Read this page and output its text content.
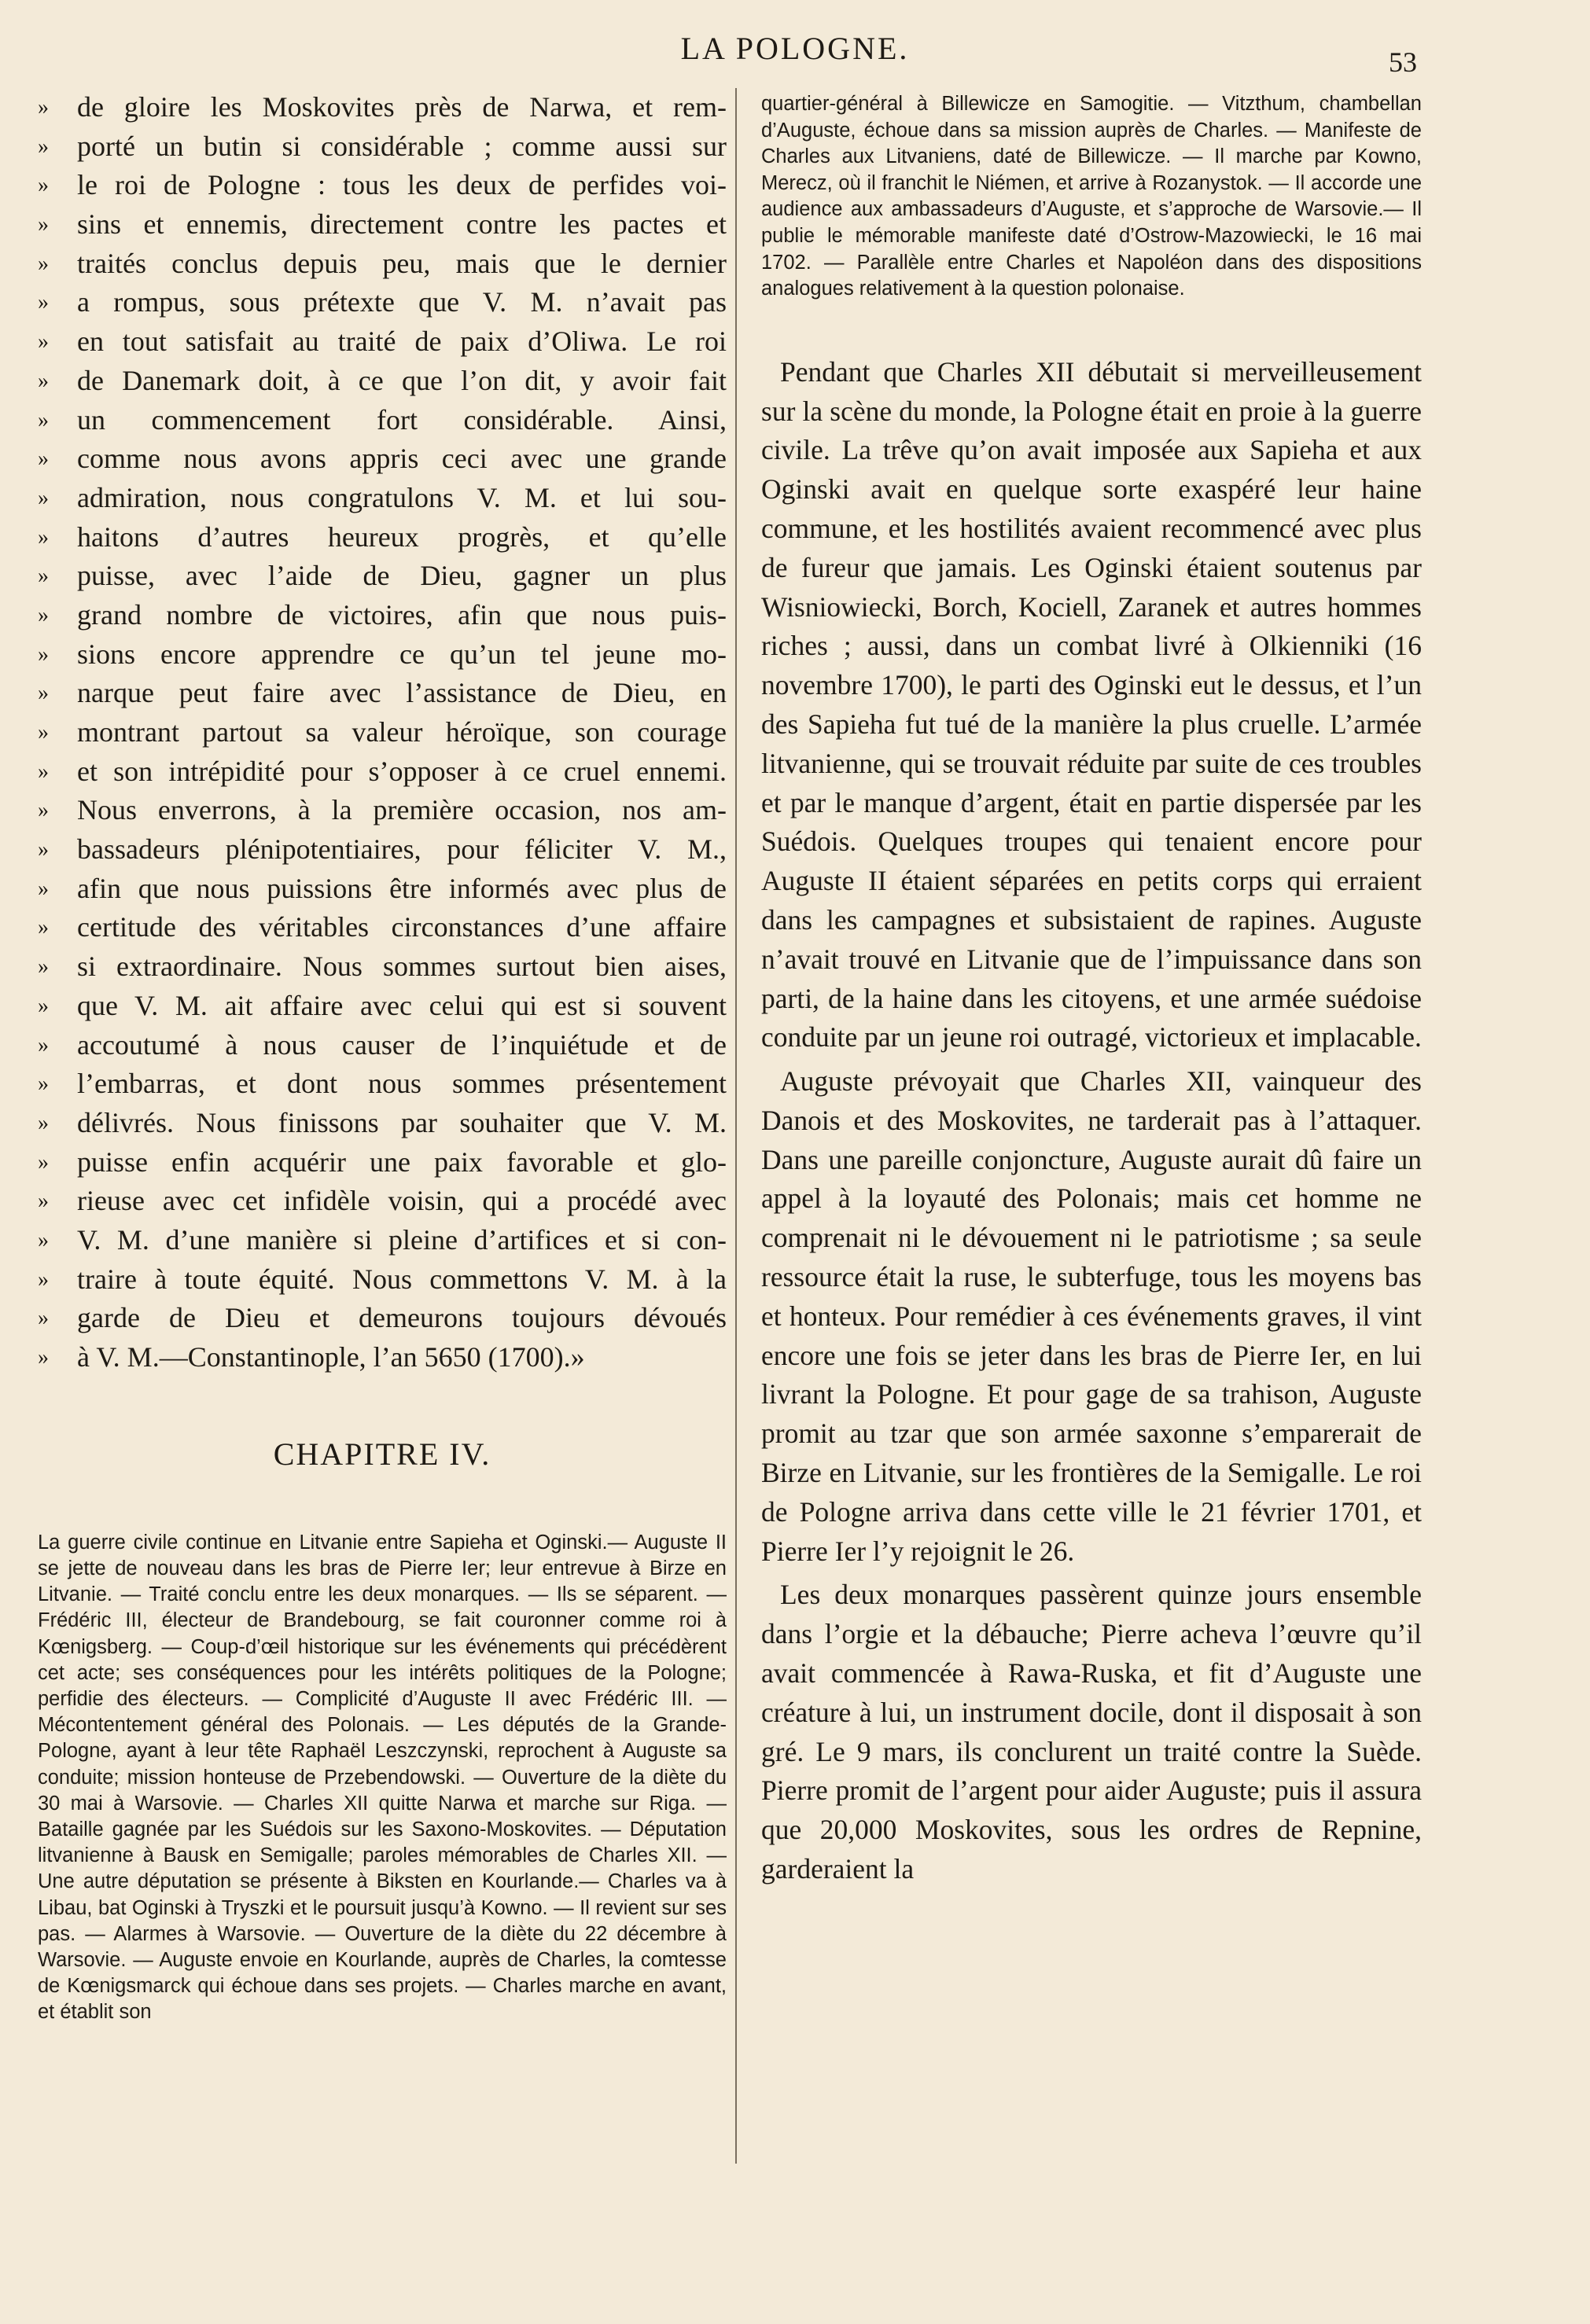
LA POLOGNE.	53
» de gloire les Moskovites près de Narwa, et rem-
» porté un butin si considérable ; comme aussi sur
» le roi de Pologne : tous les deux de perfides voi-
» sins et ennemis, directement contre les pactes et
» traités conclus depuis peu, mais que le dernier
» a rompus, sous prétexte que V. M. n’avait pas
» en tout satisfait au traité de paix d’Oliwa. Le roi
» de Danemark doit, à ce que l’on dit, y avoir fait
» un commencement fort considérable. Ainsi,
» comme nous avons appris ceci avec une grande
» admiration, nous congratulons V. M. et lui sou-
» haitons d’autres heureux progrès, et qu’elle
» puisse, avec l’aide de Dieu, gagner un plus
» grand nombre de victoires, afin que nous puis-
» sions encore apprendre ce qu’un tel jeune mo-
» narque peut faire avec l’assistance de Dieu, en
» montrant partout sa valeur héroïque, son courage
» et son intrépidité pour s’opposer à ce cruel ennemi.
» Nous enverrons, à la première occasion, nos am-
» bassadeurs plénipotentiaires, pour féliciter V. M.,
» afin que nous puissions être informés avec plus de
» certitude des véritables circonstances d’une affaire
» si extraordinaire. Nous sommes surtout bien aises,
» que V. M. ait affaire avec celui qui est si souvent
» accoutumé à nous causer de l’inquiétude et de
» l’embarras, et dont nous sommes présentement
» délivrés. Nous finissons par souhaiter que V. M.
» puisse enfin acquérir une paix favorable et glo-
» rieuse avec cet infidèle voisin, qui a procédé avec
» V. M. d’une manière si pleine d’artifices et si con-
» traire à toute équité. Nous commettons V. M. à la
» garde de Dieu et demeurons toujours dévoués
» à V. M.—Constantinople, l’an 5650 (1700).»
CHAPITRE IV.
La guerre civile continue en Litvanie entre Sapieha et Oginski.— Auguste II se jette de nouveau dans les bras de Pierre Ier; leur entrevue à Birze en Litvanie. — Traité conclu entre les deux monarques. — Ils se séparent. — Frédéric III, électeur de Brandebourg, se fait couronner comme roi à Kœnigsberg. — Coup-d’œil historique sur les événements qui précédèrent cet acte; ses conséquences pour les intérêts politiques de la Pologne; perfidie des électeurs. — Complicité d’Auguste II avec Frédéric III. — Mécontentement général des Polonais. — Les députés de la Grande-Pologne, ayant à leur tête Raphaël Leszczynski, reprochent à Auguste sa conduite; mission honteuse de Przebendowski. — Ouverture de la diète du 30 mai à Warsovie. — Charles XII quitte Narwa et marche sur Riga. — Bataille gagnée par les Suédois sur les Saxono-Moskovites. — Députation litvanienne à Bausk en Semigalle; paroles mémorables de Charles XII. — Une autre députation se présente à Biksten en Kourlande.— Charles va à Libau, bat Oginski à Tryszki et le poursuit jusqu’à Kowno. — Il revient sur ses pas. — Alarmes à Warsovie. — Ouverture de la diète du 22 décembre à Warsovie. — Auguste envoie en Kourlande, auprès de Charles, la comtesse de Kœnigsmarck qui échoue dans ses projets. — Charles marche en avant, et établit son
quartier-général à Billewicze en Samogitie. — Vitzthum, chambellan d’Auguste, échoue dans sa mission auprès de Charles. — Manifeste de Charles aux Litvaniens, daté de Billewicze. — Il marche par Kowno, Merecz, où il franchit le Niémen, et arrive à Rozanystok. — Il accorde une audience aux ambassadeurs d’Auguste, et s’approche de Warsovie.— Il publie le mémorable manifeste daté d’Ostrow-Mazowiecki, le 16 mai 1702. — Parallèle entre Charles et Napoléon dans des dispositions analogues relativement à la question polonaise.

Pendant que Charles XII débutait si merveilleusement sur la scène du monde, la Pologne était en proie à la guerre civile. La trêve qu’on avait imposée aux Sapieha et aux Oginski avait en quelque sorte exaspéré leur haine commune, et les hostilités avaient recommencé avec plus de fureur que jamais. Les Oginski étaient soutenus par Wisniowiecki, Borch, Kociell, Zaranek et autres hommes riches ; aussi, dans un combat livré à Olkienniki (16 novembre 1700), le parti des Oginski eut le dessus, et l’un des Sapieha fut tué de la manière la plus cruelle. L’armée litvanienne, qui se trouvait réduite par suite de ces troubles et par le manque d’argent, était en partie dispersée par les Suédois. Quelques troupes qui tenaient encore pour Auguste II étaient séparées en petits corps qui erraient dans les campagnes et subsistaient de rapines. Auguste n’avait trouvé en Litvanie que de l’impuissance dans son parti, de la haine dans les citoyens, et une armée suédoise conduite par un jeune roi outragé, victorieux et implacable.

Auguste prévoyait que Charles XII, vainqueur des Danois et des Moskovites, ne tarderait pas à l’attaquer. Dans une pareille conjoncture, Auguste aurait dû faire un appel à la loyauté des Polonais; mais cet homme ne comprenait ni le dévouement ni le patriotisme ; sa seule ressource était la ruse, le subterfuge, tous les moyens bas et honteux. Pour remédier à ces événements graves, il vint encore une fois se jeter dans les bras de Pierre Ier, en lui livrant la Pologne. Et pour gage de sa trahison, Auguste promit au tzar que son armée saxonne s’emparerait de Birze en Litvanie, sur les frontières de la Semigalle. Le roi de Pologne arriva dans cette ville le 21 février 1701, et Pierre Ier l’y rejoignit le 26.

Les deux monarques passèrent quinze jours ensemble dans l’orgie et la débauche; Pierre acheva l’œuvre qu’il avait commencée à Rawa-Ruska, et fit d’Auguste une créature à lui, un instrument docile, dont il disposait à son gré. Le 9 mars, ils conclurent un traité contre la Suède. Pierre promit de l’argent pour aider Auguste; puis il assura que 20,000 Moskovites, sous les ordres de Repnine, garderaient la
